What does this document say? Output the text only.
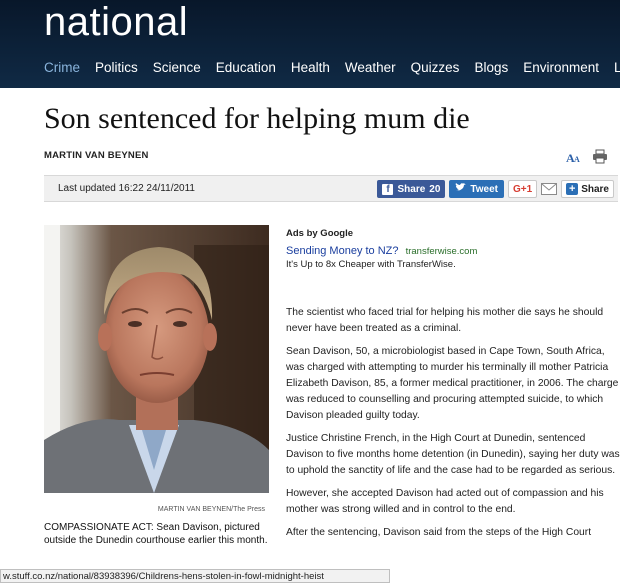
national
Crime Politics Science Education Health Weather Quizzes Blogs Environment L
Son sentenced for helping mum die
MARTIN VAN BEYNEN	A A
Last updated 16:22 24/11/2011	f Share 20	Tweet	G+1	+ Share
MARTIN VAN BEYNEN/The Press
COMPASSIONATE ACT: Sean Davison, pictured outside the Dunedin courthouse earlier this month.
Ads by Google
Sending Money to NZ? transferwise.com
It's Up to 8x Cheaper with TransferWise.

The scientist who faced trial for helping his mother die says he should never have been treated as a criminal.

Sean Davison, 50, a microbiologist based in Cape Town, South Africa, was charged with attempting to murder his terminally ill mother Patricia Elizabeth Davison, 85, a former medical practitioner, in 2006. The charge was reduced to counselling and procuring attempted suicide, to which Davison pleaded guilty today.

Justice Christine French, in the High Court at Dunedin, sentenced Davison to five months home detention (in Dunedin), saying her duty was to uphold the sanctity of life and the case had to be regarded as serious.

However, she accepted Davison had acted out of compassion and his mother was strong willed and in control to the end.

After the sentencing, Davison said from the steps of the High Court

w.stuff.co.nz/national/83938396/Childrens-hens-stolen-in-fowl-midnight-heist
